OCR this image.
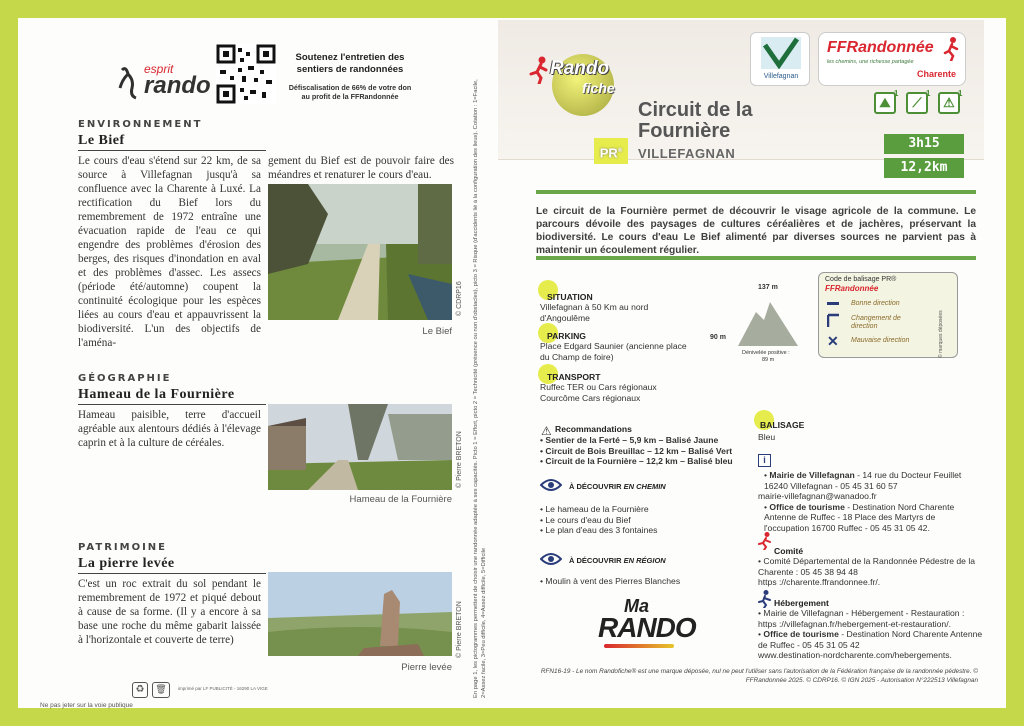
esprit
rando
Soutenez l'entretien des sentiers de randonnées
Défiscalisation de 66% de votre don au profit de la FFRandonnée
ENVIRONNEMENT
Le Bief
Le cours d'eau s'étend sur 22 km, de sa source à Villefagnan jusqu'à sa confluence avec la Charente à Luxé. La rectification du Bief lors du remembrement de 1972 entraîne une évacuation rapide de l'eau ce qui engendre des problèmes d'érosion des berges, des risques d'inondation en aval et des problèmes d'assec. Les assecs (période été/automne) coupent la continuité écologique pour les espèces liées au cours d'eau et appauvrissent la biodiversité. L'un des objectifs de l'aména-
gement du Bief est de pouvoir faire des méandres et renaturer le cours d'eau.
© CDRP16
Le Bief
GÉOGRAPHIE
Hameau de la Fournière
Hameau paisible, terre d'accueil agréable aux alentours dédiés à l'élevage caprin et à la culture de céréales.	© Pierre BRETON
Hameau de la Fournière
PATRIMOINE
La pierre levée
C'est un roc extrait du sol pendant le remembrement de 1972 et piqué debout à cause de sa forme. (Il y a encore à sa base une roche du même gabarit laissée à l'horizontale et couverte de terre)	© Pierre BRETON
Pierre levée
♻	🗑	imprimé par LF PUBLICITÉ - 16290 LA VIGE
Ne pas jeter sur la voie publique
En page 1, les pictogrammes permettent de choisir une randonnée adaptée à ses capacités. Picto 1 = Effort, picto 2 = Technicité (présence ou non d'obstacles), picto 3 = Risque (d'accidents lié à la configuration des lieux). Cotation : 1=Facile, 2=Assez facile, 3=Peu difficile, 4=Assez difficile, 5=Difficile
Rando
fiche
PR®
Circuit de la Fournière
VILLEFAGNAN
Villefagnan
FFRandonnée
les chemins, une richesse partagée
Charente
⛰
1
⟋
1
⚠
1
3h15
12,2km
Le circuit de la Fournière permet de découvrir le visage agricole de la commune. Le parcours dévoile des paysages de cultures céréalières et de jachères, préservant la biodiversité. Le cours d'eau Le Bief alimenté par diverses sources ne parvient pas à maintenir un écoulement régulier.
SITUATION
Villefagnan à 50 Km au nord d'Angoulême
PARKING
Place Edgard Saunier (ancienne place du Champ de foire)
TRANSPORT
Ruffec TER ou Cars régionaux Courcôme Cars régionaux
137 m
90 m
Dénivelée positive :
89 m
Code de balisage PR®
FFRandonnée
Bonne direction
Changement de direction
✕ Mauvaise direction	© marques déposées
⚠ Recommandations
• Sentier de la Ferté – 5,9 km – Balisé Jaune
• Circuit de Bois Breuillac – 12 km – Balisé Vert
• Circuit de la Fournière – 12,2 km – Balisé bleu
À DÉCOUVRIR EN CHEMIN
• Le hameau de la Fournière
• Le cours d'eau du Bief
• Le plan d'eau des 3 fontaines
À DÉCOUVRIR EN RÉGION
• Moulin à vent des Pierres Blanches
Ma
RANDO
BALISAGE
Bleu
i
• Mairie de Villefagnan - 14 rue du Docteur Feuillet 16240 Villefagnan - 05 45 31 60 57
mairie-villefagnan@wanadoo.fr
• Office de tourisme - Destination Nord Charente Antenne de Ruffec - 18 Place des Martyrs de l'occupation 16700 Ruffec - 05 45 31 05 42.
Comité
• Comité Départemental de la Randonnée Pédestre de la Charente : 05 45 38 94 48
https ://charente.ffrandonnee.fr/.
Hébergement
• Mairie de Villefagnan - Hébergement - Restauration : https ://villefagnan.fr/hebergement-et-restauration/.
• Office de tourisme - Destination Nord Charente Antenne de Ruffec - 05 45 31 05 42
www.destination-nordcharente.com/hebergements.
RFN16-19 - Le nom Randofiche® est une marque déposée, nul ne peut l'utiliser sans l'autorisation de la Fédération française de la randonnée pédestre. © FFRandonnée 2025. © CDRP16. © IGN 2025 - Autorisation N°222513 Villefagnan
